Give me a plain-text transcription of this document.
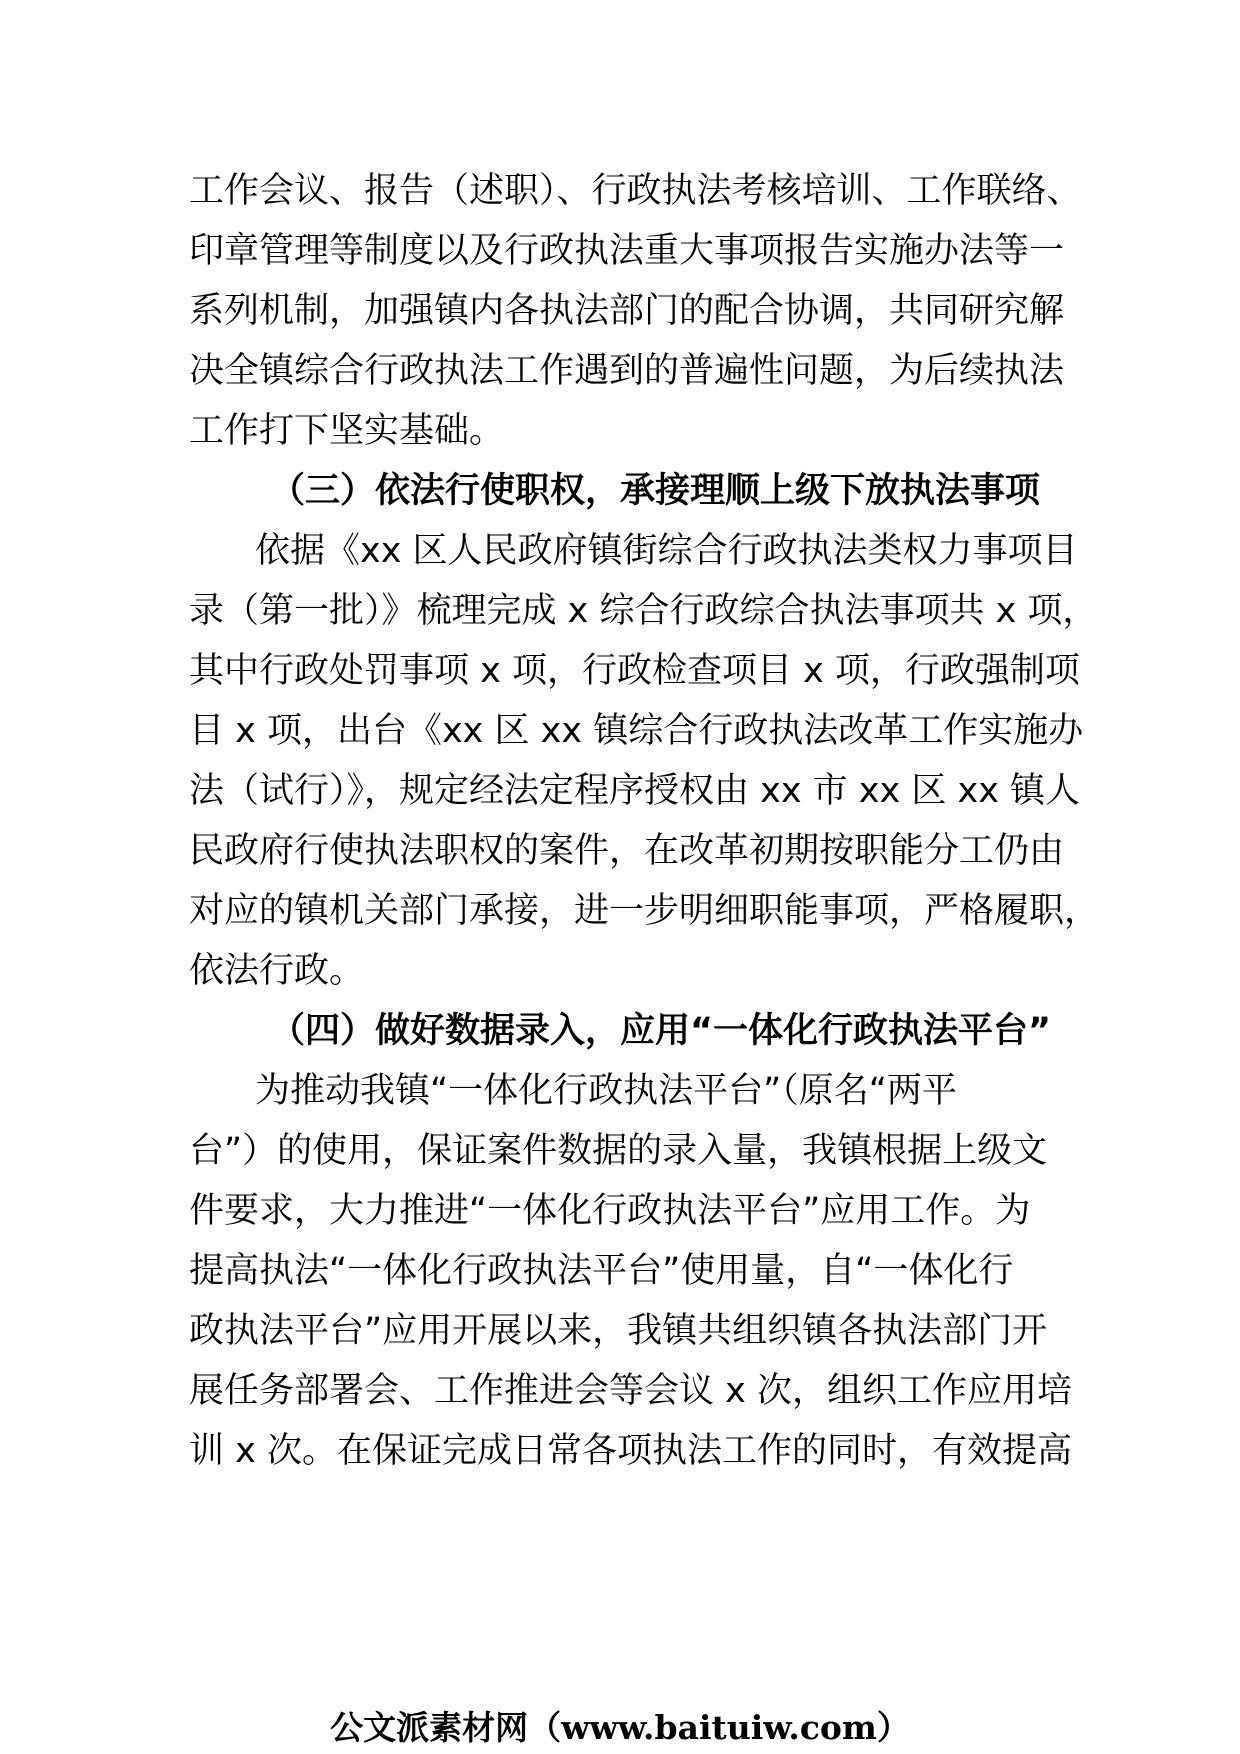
工作会议、报告（述职）、行政执法考核培训、工作联络、
印章管理等制度以及行政执法重大事项报告实施办法等一
系列机制，加强镇内各执法部门的配合协调，共同研究解
决全镇综合行政执法工作遇到的普遍性问题，为后续执法
工作打下坚实基础。
（三）依法行使职权，承接理顺上级下放执法事项
依据《xx 区人民政府镇街综合行政执法类权力事项目
录（第一批）》梳理完成 x 综合行政综合执法事项共 x 项，
其中行政处罚事项 x 项，行政检查项目 x 项，行政强制项
目 x 项，出台《xx 区 xx 镇综合行政执法改革工作实施办
法（试行）》，规定经法定程序授权由 xx 市 xx 区 xx 镇人
民政府行使执法职权的案件，在改革初期按职能分工仍由
对应的镇机关部门承接，进一步明细职能事项，严格履职，
依法行政。
（四）做好数据录入，应用“一体化行政执法平台”
为推动我镇“一体化行政执法平台”（原名“两平
台”）的使用，保证案件数据的录入量，我镇根据上级文
件要求，大力推进“一体化行政执法平台”应用工作。为
提高执法“一体化行政执法平台”使用量，自“一体化行
政执法平台”应用开展以来，我镇共组织镇各执法部门开
展任务部署会、工作推进会等会议 x 次，组织工作应用培
训 x 次。在保证完成日常各项执法工作的同时，有效提高
公文派素材网（www.baituiw.com）
